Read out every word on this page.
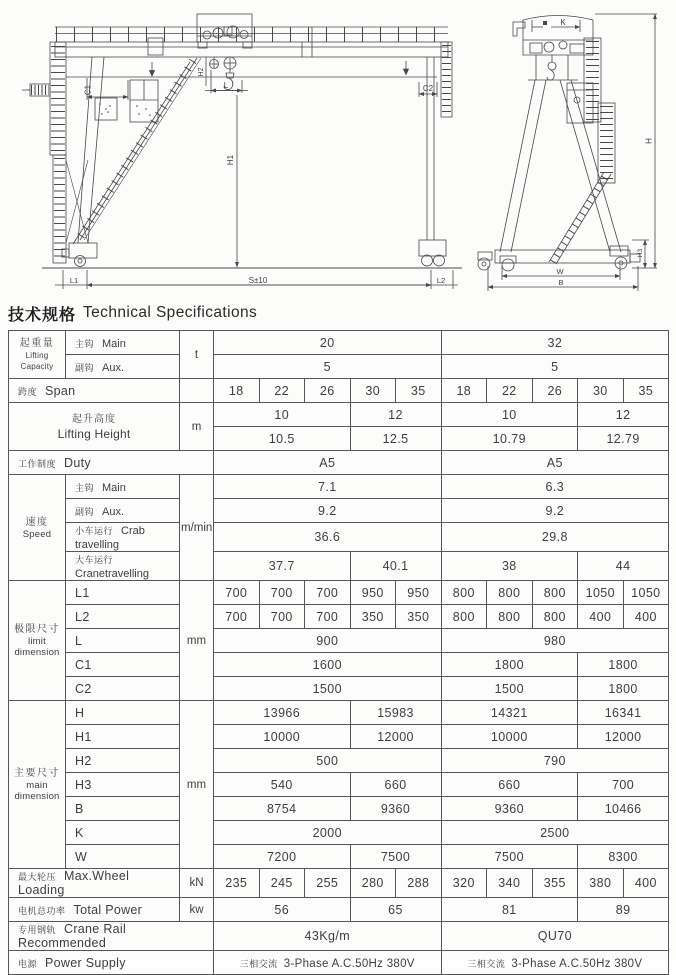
C1	C2
H1
H2
L
L1	S±10	L2
K
H
H3
W
B
技术规格 Technical Specifications
起重量
Lifting Capacity	主钩 Main	t	20					32				
	副钩 Aux.		5					5				
跨度 Span			18	22	26	30	35	18	22	26	30	35

起升高度
Lifting Height		m	10			12		10			12	
			10.5			12.5		10.79			12.79	
工作制度 Duty			A5					A5				

速度
Speed	主钩 Main	m/min	7.1					6.3				
	副钩 Aux.		9.2					9.2				
	小车运行 Crab travelling		36.6					29.8				
	大车运行Cranetravelling		37.7			40.1		38			44	

极限尺寸
limit
dimension	L1	mm	700	700	700	950	950	800	800	800	1050	1050
	L2		700	700	700	350	350	800	800	800	400	400
	L		900					980				
	C1		1600					1800			1800	
	C2		1500					1500			1800	

主要尺寸
main
dimension	H	mm	13966			15983		14321			16341	
	H1		10000			12000		10000			12000	
	H2		500					790				
	H3		540			660		660			700	
	B		8754			9360		9360			10466	
	K		2000					2500				
	W		7200			7500		7500			8300	
最大轮压 Max.Wheel Loading		kN	235	245	255	280	288	320	340	355	380	400
电机总功率 Total Power		kw	56			65		81			89	
专用钢轨 Crane Rail Recommended			43Kg/m					QU70				
电源 Power Supply			三相交流 3-Phase A.C.50Hz 380V					三相交流 3-Phase A.C.50Hz 380V				
